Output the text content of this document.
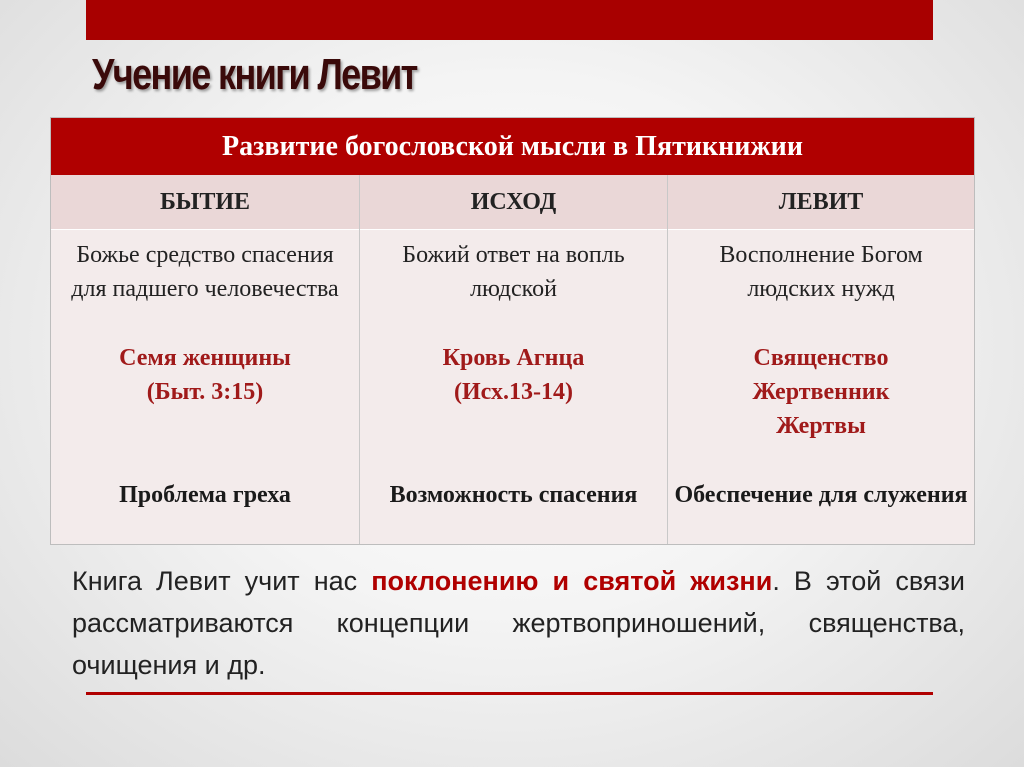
Учение книги Левит
Развитие богословской мысли в Пятикнижии
БЫТИЕ
Божье средство спасения для падшего человечества
Семя женщины
(Быт. 3:15)
Проблема греха
ИСХОД
Божий ответ на вопль людской
Кровь Агнца
(Исх.13-14)
Возможность спасения
ЛЕВИТ
Восполнение Богом людских нужд
Священство
Жертвенник
Жертвы
Обеспечение для служения

Книга Левит учит нас поклонению и святой жизни. В этой связи рассматриваются концепции жертвоприношений, священства, очищения и др.
